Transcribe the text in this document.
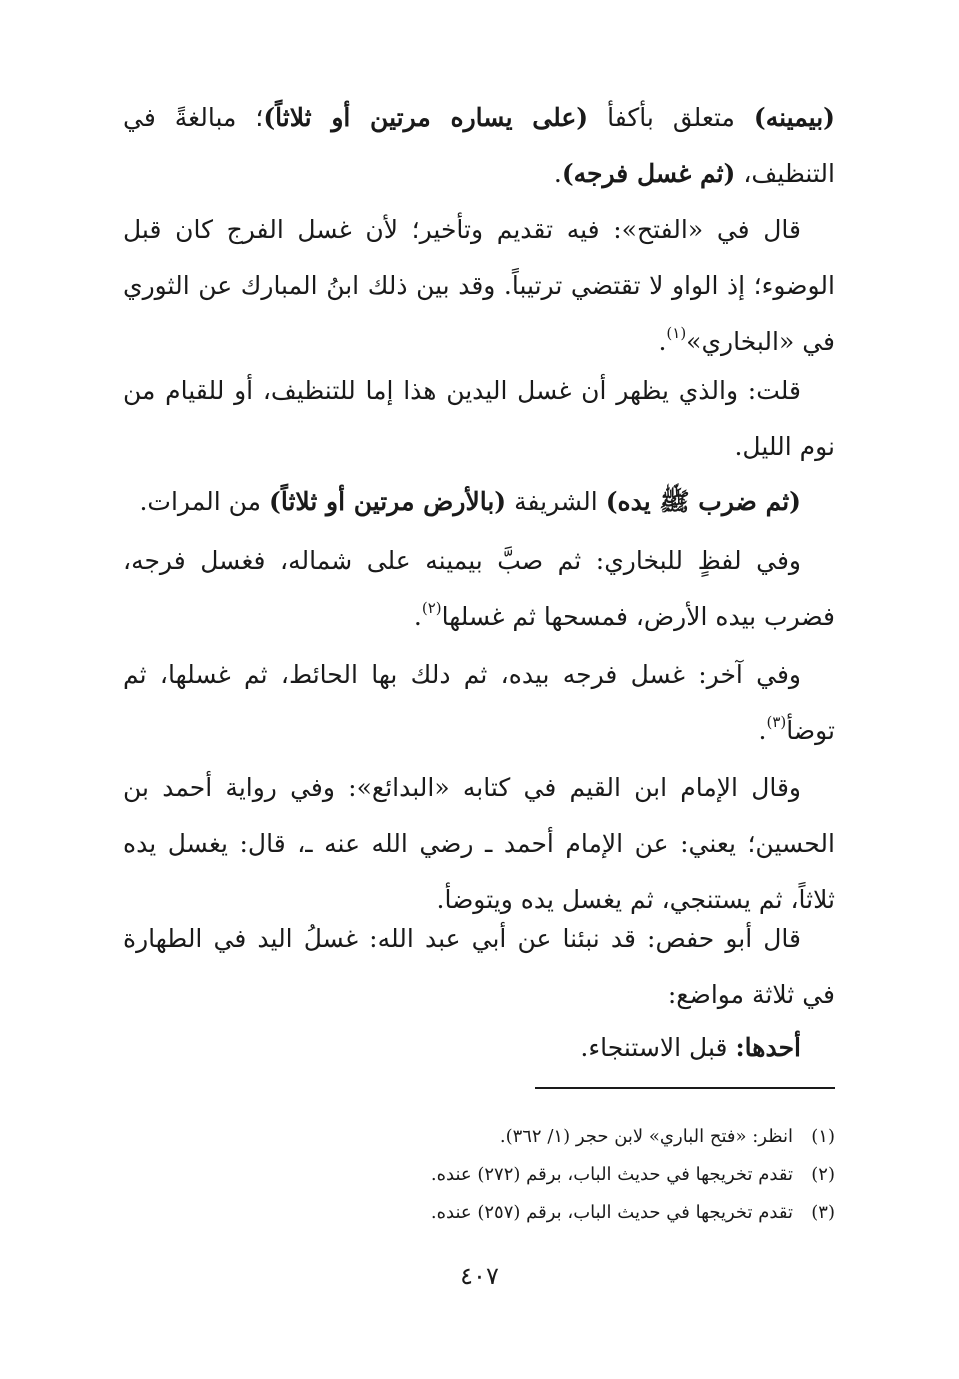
(بيمينه) متعلق بأكفأ (على يساره مرتين أو ثلاثاً)؛ مبالغةً في التنظيف، (ثم غسل فرجه).

قال في «الفتح»: فيه تقديم وتأخير؛ لأن غسل الفرج كان قبل الوضوء؛ إذ الواو لا تقتضي ترتيباً. وقد بين ذلك ابنُ المبارك عن الثوري في «البخاري»$^{(١)}$.

قلت: والذي يظهر أن غسل اليدين هذا إما للتنظيف، أو للقيام من نوم الليل.

(ثم ضرب ﷺ يده) الشريفة (بالأرض مرتين أو ثلاثاً) من المرات.

وفي لفظٍ للبخاري: ثم صبَّ بيمينه على شماله، فغسل فرجه، فضرب بيده الأرض، فمسحها ثم غسلها$^{(٢)}$.

وفي آخر: غسل فرجه بيده، ثم دلك بها الحائط، ثم غسلها، ثم توضأ$^{(٣)}$.

وقال الإمام ابن القيم في كتابه «البدائع»: وفي رواية أحمد بن الحسين؛ يعني: عن الإمام أحمد ـ رضي الله عنه ـ، قال: يغسل يده ثلاثاً، ثم يستنجي، ثم يغسل يده ويتوضأ.

قال أبو حفص: قد نبئنا عن أبي عبد الله: غسلُ اليد في الطهارة في ثلاثة مواضع:

أحدها: قبل الاستنجاء.

(١)انظر: «فتح الباري» لابن حجر (١/ ٣٦٢).
(٢)تقدم تخريجها في حديث الباب، برقم (٢٧٢) عنده.
(٣)تقدم تخريجها في حديث الباب، برقم (٢٥٧) عنده.
٤٠٧
